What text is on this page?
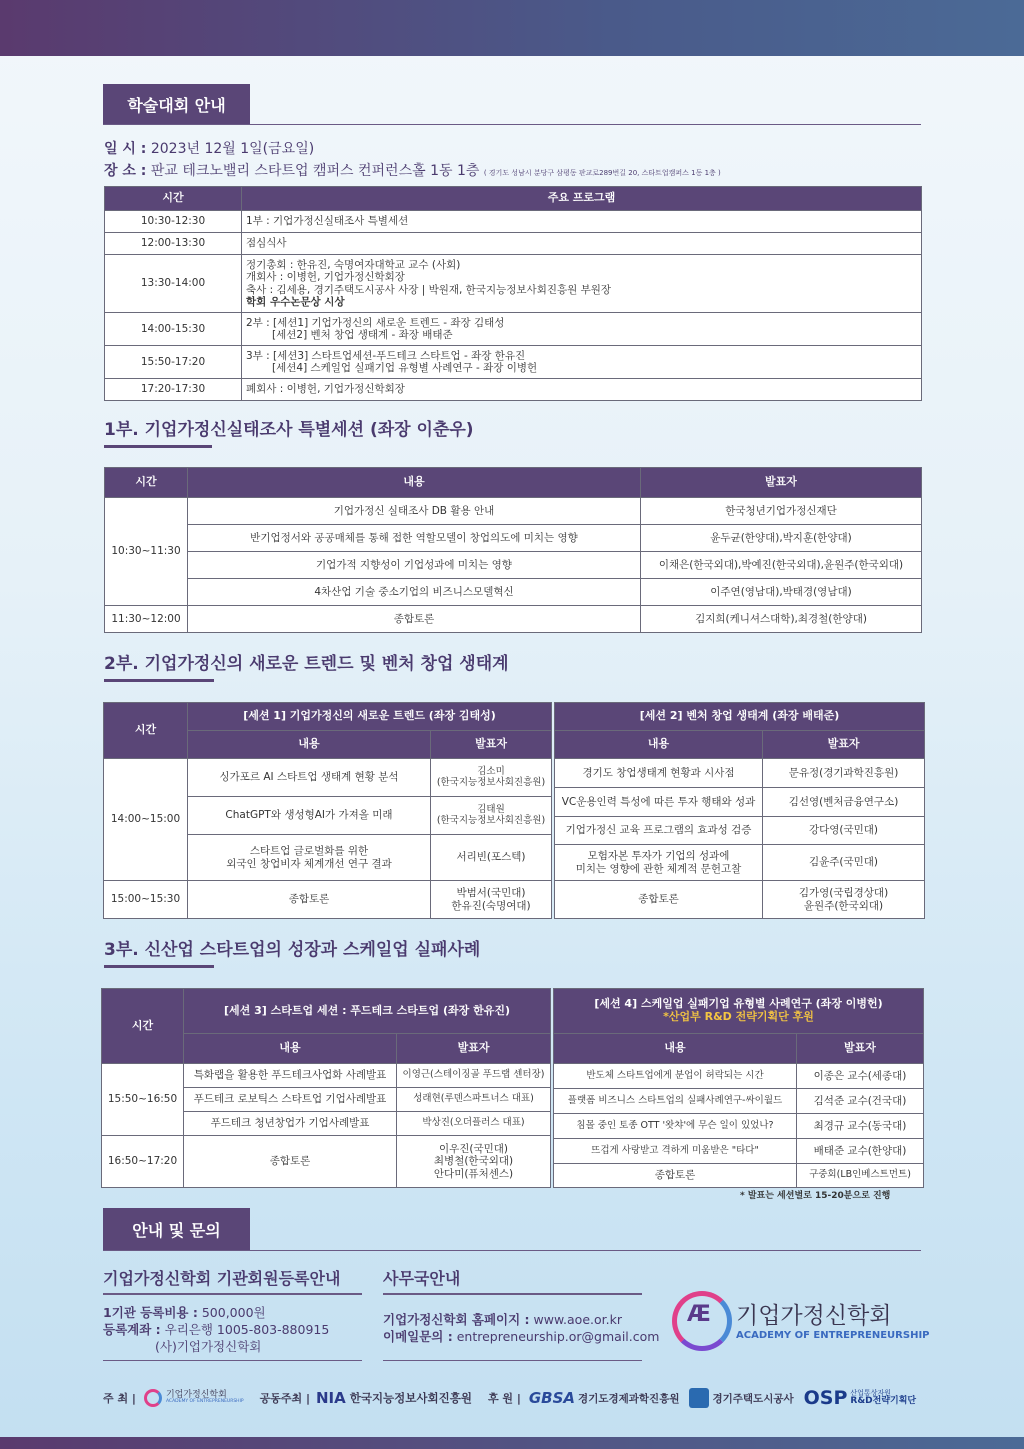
학술대회 안내
일 시 : 2023년 12월 1일(금요일)
장 소 : 판교 테크노밸리 스타트업 캠퍼스 컨퍼런스홀 1동 1층 ( 경기도 성남시 분당구 삼평동 판교로289번길 20, 스타트업캠퍼스 1동 1층 )
시간	주요 프로그램
10:30-12:30	1부 : 기업가정신실태조사 특별세션
12:00-13:30	점심식사
13:30-14:00	정기총회 : 한유진, 숙명여자대학교 교수 (사회)
개회사 : 이병헌, 기업가정신학회장
축사 : 김세용, 경기주택도시공사 사장 | 박원재, 한국지능정보사회진흥원 부원장
학회 우수논문상 시상

14:00-15:30	2부 : [세션1] 기업가정신의 새로운 트렌드 - 좌장 김태성
[세션2] 벤처 창업 생태계 - 좌장 배태준

15:50-17:20	3부 : [세션3] 스타트업세션-푸드테크 스타트업 - 좌장 한유진
[세션4] 스케일업 실패기업 유형별 사례연구 - 좌장 이병헌

17:20-17:30	폐회사 : 이병헌, 기업가정신학회장
1부. 기업가정신실태조사 특별세션 (좌장 이춘우)
시간	내용	발표자
10:30~11:30	기업가정신 실태조사 DB 활용 안내	한국청년기업가정신재단
	반기업정서와 공공매체를 통해 접한 역할모델이 창업의도에 미치는 영향	윤두균(한양대),박지훈(한양대)
	기업가적 지향성이 기업성과에 미치는 영향	이채은(한국외대),박예진(한국외대),윤원주(한국외대)
	4차산업 기술 중소기업의 비즈니스모델혁신	이주연(영남대),박태경(영남대)
11:30~12:00	종합토론	김지희(케니셔스대학),최경철(한양대)
2부. 기업가정신의 새로운 트렌드 및 벤처 창업 생태계
시간	[세션 1] 기업가정신의 새로운 트렌드 (좌장 김태성)	
	내용	발표자
14:00~15:00	싱가포르 AI 스타트업 생태계 현황 분석	김소미
(한국지능정보사회진흥원)

	ChatGPT와 생성형AI가 가져올 미래	김태원
(한국지능정보사회진흥원)

	스타트업 글로벌화를 위한
외국인 창업비자 체계개선 연구 결과	서리빈(포스텍)
15:00~15:30	종합토론	박범서(국민대)
한유진(숙명여대)
[세션 2] 벤처 창업 생태계 (좌장 배태준)	
내용	발표자
경기도 창업생태계 현황과 시사점	문유정(경기과학진흥원)
VC운용인력 특성에 따른 투자 행태와 성과	김선영(벤처금융연구소)
기업가정신 교육 프로그램의 효과성 검증	강다영(국민대)

모험자본 투자가 기업의 성과에
미치는 영향에 관한 체계적 문헌고찰	김윤주(국민대)
종합토론	김가영(국립경상대)
윤원주(한국외대)
3부. 신산업 스타트업의 성장과 스케일업 실패사례
시간	[세션 3] 스타트업 세션 : 푸드테크 스타트업 (좌장 한유진)	
	내용	발표자
15:50~16:50	특화랩을 활용한 푸드테크사업화 사례발표	이영근(스테이징골 푸드랩 센터장)
	푸드테크 로보틱스 스타트업 기업사례발표	성래현(루덴스파트너스 대표)
	푸드테크 청년창업가 기업사례발표	박상진(오더플러스 대표)
16:50~17:20	종합토론	이우진(국민대)
최병철(한국외대)
안다미(퓨처센스)
[세션 4] 스케일업 실패기업 유형별 사례연구 (좌장 이병헌)
*산업부 R&D 전략기획단 후원	

내용	발표자
반도체 스타트업에게 분업이 허락되는 시간	이종은 교수(세종대)
플랫폼 비즈니스 스타트업의 실패사례연구-싸이월드	김석준 교수(건국대)
침몰 중인 토종 OTT '왓챠'에 무슨 일이 있었나?	최경규 교수(동국대)
뜨겁게 사랑받고 격하게 미움받은 "타다"	배태준 교수(한양대)
종합토론	구중회(LB인베스트먼트)
* 발표는 세션별로 15-20분으로 진행
안내 및 문의
기업가정신학회 기관회원등록안내
1기관 등록비용 : 500,000원
등록계좌 : 우리은행 1005-803-880915
(사)기업가정신학회
사무국안내
기업가정신학회 홈페이지 : www.aoe.or.kr
이메일문의 : entrepreneurship.or@gmail.com
Æ 기업가정신학회
ACADEMY OF ENTREPRENEURSHIP
주 최 |	기업가정신학회
ACADEMY OF ENTREPRENEURSHIP 공동주최 | NIA 한국지능정보사회진흥원 후 원 | GBSA 경기도경제과학진흥원	경기주택도시공사 OSP 산업통상자원
R&D전략기획단
